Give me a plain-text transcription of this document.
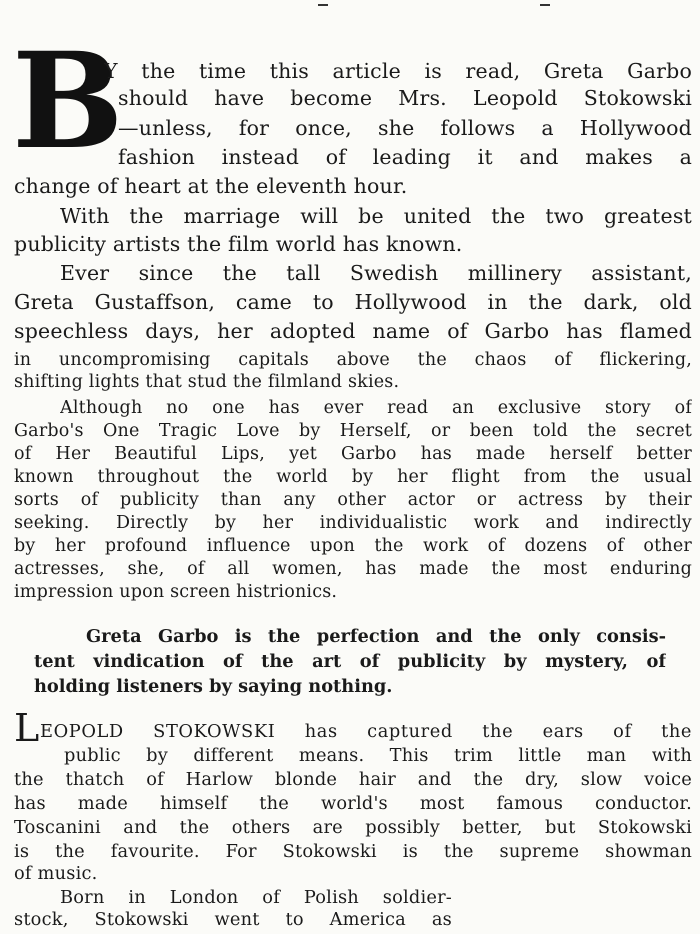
B
Y the time this article is read, Greta Garbo
should have become Mrs. Leopold Stokowski
—unless, for once, she follows a Hollywood
fashion instead of leading it and makes a
change of heart at the eleventh hour.
With the marriage will be united the two greatest
publicity artists the film world has known.
Ever since the tall Swedish millinery assistant,
Greta Gustaffson, came to Hollywood in the dark, old
speechless days, her adopted name of Garbo has flamed
in uncompromising capitals above the chaos of flickering,
shifting lights that stud the filmland skies.
Although no one has ever read an exclusive story of
Garbo's One Tragic Love by Herself, or been told the secret
of Her Beautiful Lips, yet Garbo has made herself better
known throughout the world by her flight from the usual
sorts of publicity than any other actor or actress by their
seeking. Directly by her individualistic work and indirectly
by her profound influence upon the work of dozens of other
actresses, she, of all women, has made the most enduring
impression upon screen histrionics.
Greta Garbo is the perfection and the only consis-
tent vindication of the art of publicity by mystery, of
holding listeners by saying nothing.
L EOPOLD STOKOWSKI has captured the ears of the
public by different means. This trim little man with
the thatch of Harlow blonde hair and the dry, slow voice
has made himself the world's most famous conductor.
Toscanini and the others are possibly better, but Stokowski
is the favourite. For Stokowski is the supreme showman
of music.
Born in London of Polish soldier-
stock, Stokowski went to America as
